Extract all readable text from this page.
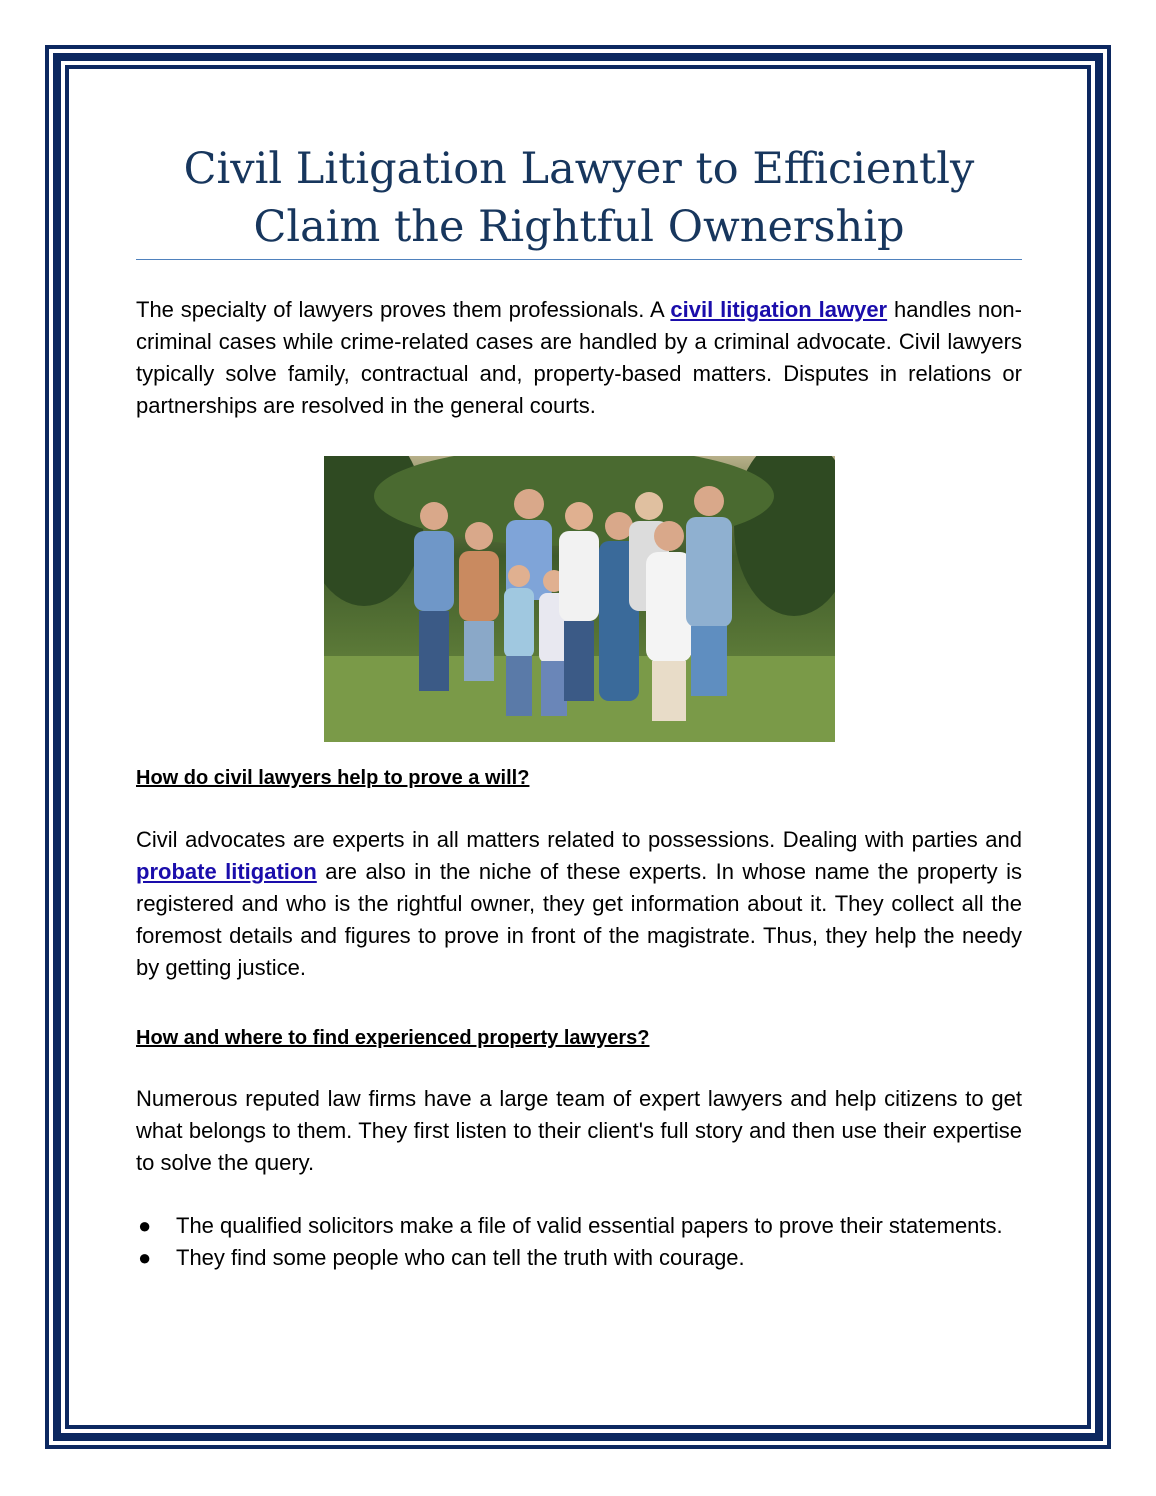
Civil Litigation Lawyer to Efficiently Claim the Rightful Ownership

The specialty of lawyers proves them professionals. A civil litigation lawyer handles non-criminal cases while crime-related cases are handled by a criminal advocate. Civil lawyers typically solve family, contractual and, property-based matters. Disputes in relations or partnerships are resolved in the general courts.

How do civil lawyers help to prove a will?

Civil advocates are experts in all matters related to possessions. Dealing with parties and probate litigation are also in the niche of these experts. In whose name the property is registered and who is the rightful owner, they get information about it. They collect all the foremost details and figures to prove in front of the magistrate. Thus, they help the needy by getting justice.

How and where to find experienced property lawyers?

Numerous reputed law firms have a large team of expert lawyers and help citizens to get what belongs to them. They first listen to their client's full story and then use their expertise to solve the query.

● The qualified solicitors make a file of valid essential papers to prove their statements.
● They find some people who can tell the truth with courage.
